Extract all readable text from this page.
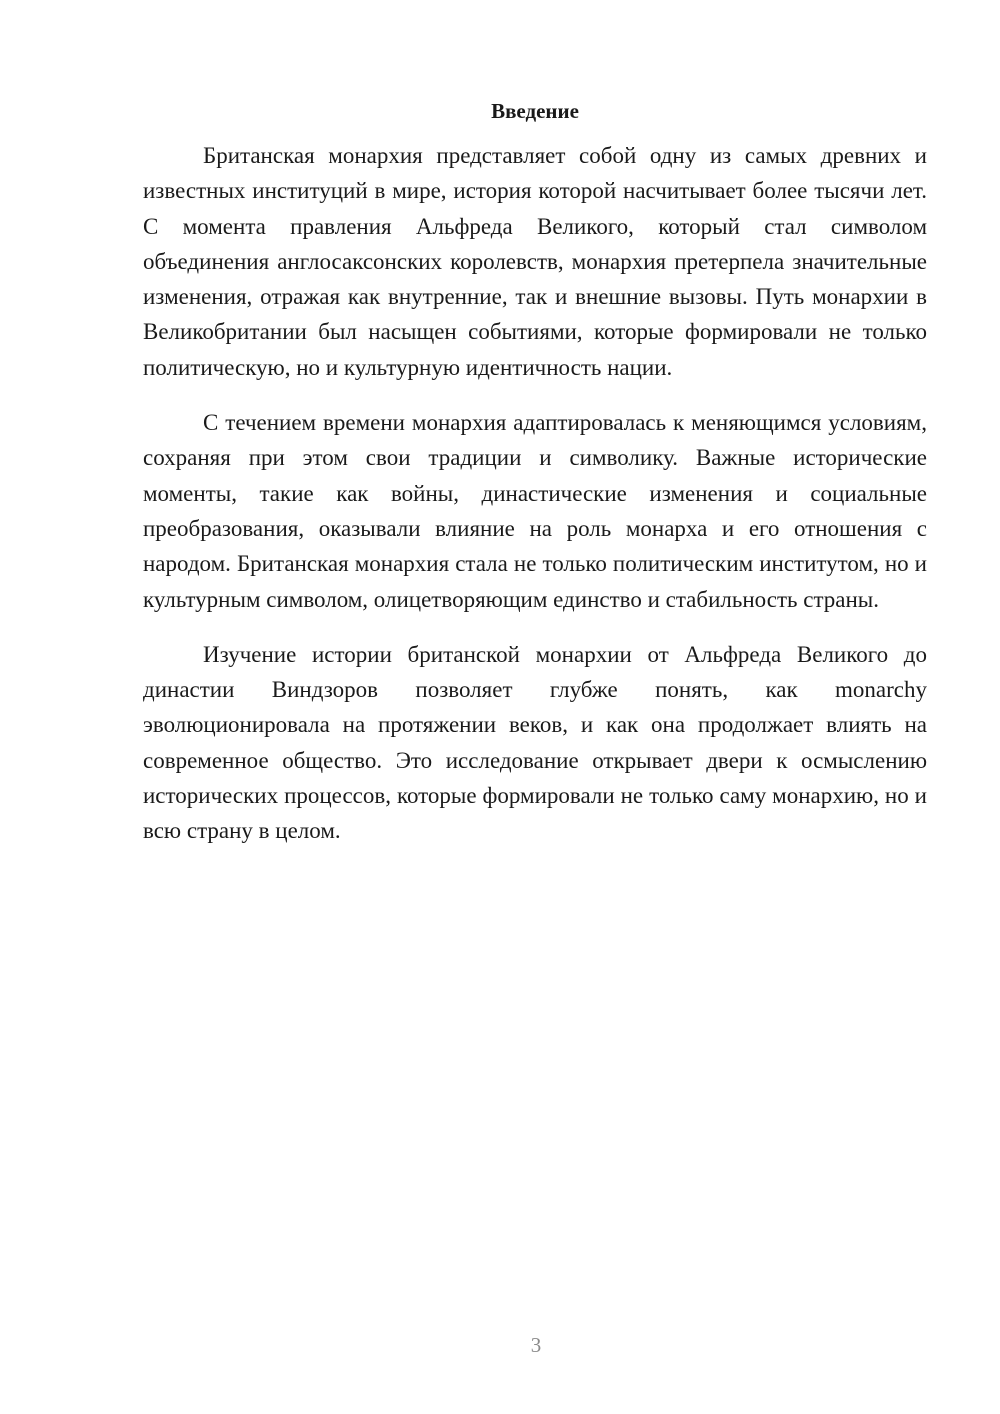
Введение

Британская монархия представляет собой одну из самых древних и известных институций в мире, история которой насчитывает более тысячи лет. С момента правления Альфреда Великого, который стал символом объединения англосаксонских королевств, монархия претерпела значительные изменения, отражая как внутренние, так и внешние вызовы. Путь монархии в Великобритании был насыщен событиями, которые формировали не только политическую, но и культурную идентичность нации.

С течением времени монархия адаптировалась к меняющимся условиям, сохраняя при этом свои традиции и символику. Важные исторические моменты, такие как войны, династические изменения и социальные преобразования, оказывали влияние на роль монарха и его отношения с народом. Британская монархия стала не только политическим институтом, но и культурным символом, олицетворяющим единство и стабильность страны.

Изучение истории британской монархии от Альфреда Великого до династии Виндзоров позволяет глубже понять, как monarchy эволюционировала на протяжении веков, и как она продолжает влиять на современное общество. Это исследование открывает двери к осмыслению исторических процессов, которые формировали не только саму монархию, но и всю страну в целом.

3
